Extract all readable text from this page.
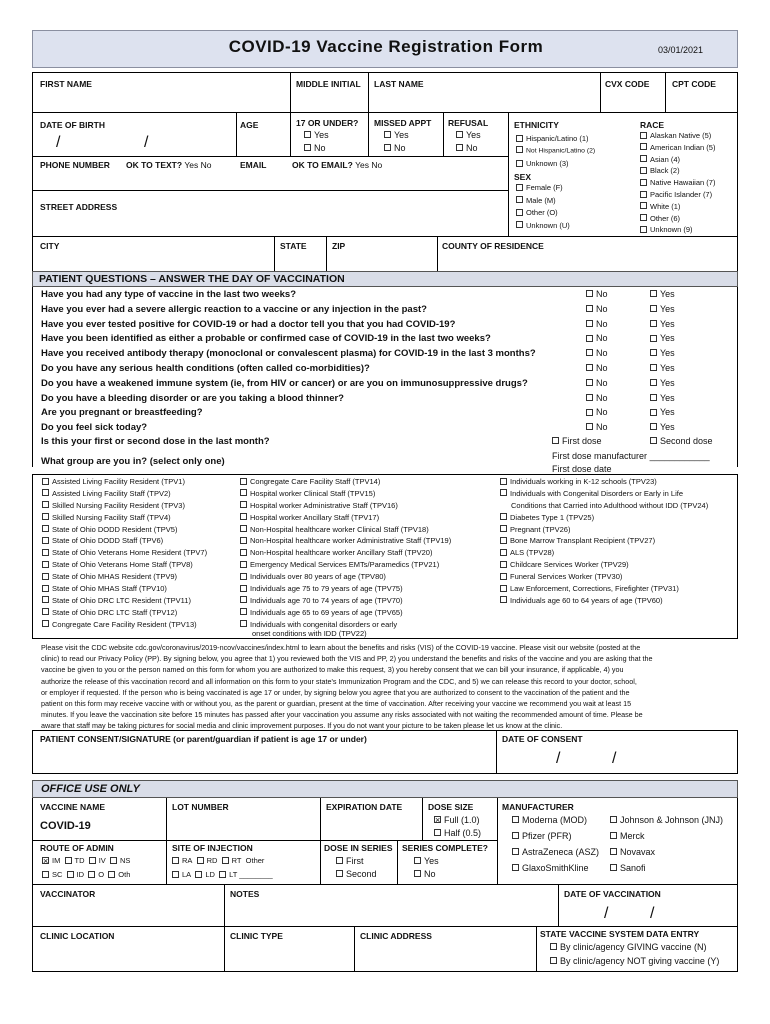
COVID-19 Vaccine Registration Form	03/01/2021
FIRST NAME	MIDDLE INITIAL LAST NAME	CVX CODE	CPT CODE
DATE OF BIRTH
/	/
AGE	17 OR UNDER?
Yes
No
MISSED APPT
Yes
No
REFUSAL
Yes
No
PHONE NUMBER OK TO TEXT? Yes No	EMAIL	OK TO EMAIL? Yes No
STREET ADDRESS
ETHNICITY
Hispanic/Latino (1)
Not Hispanic/Latino (2)
Unknown (3)
SEX
Female (F)
Male (M)
Other (O)
Unknown (U)
RACE
Alaskan Native (5)
American Indian (5)
Asian (4)
Black (2)
Native Hawaiian (7)
Pacific Islander (7)
White (1)
Other (6)
Unknown (9)
CITY	STATE	ZIP	COUNTY OF RESIDENCE
PATIENT QUESTIONS – ANSWER THE DAY OF VACCINATION
Have you had any type of vaccine in the last two weeks?	No	Yes
Have you ever had a severe allergic reaction to a vaccine or any injection in the past?	No	Yes
Have you ever tested positive for COVID-19 or had a doctor tell you that you had COVID-19?	No	Yes
Have you been identified as either a probable or confirmed case of COVID-19 in the last two weeks?	No	Yes
Have you received antibody therapy (monoclonal or convalescent plasma) for COVID-19 in the last 3 months?	No	Yes
Do you have any serious health conditions (often called co-morbidities)?	No	Yes
Do you have a weakened immune system (ie, from HIV or cancer) or are you on immunosuppressive drugs?	No	Yes
Do you have a bleeding disorder or are you taking a blood thinner?	No	Yes
Are you pregnant or breastfeeding?	No	Yes
Do you feel sick today?	No	Yes
First dose	Second dose
Is this your first or second dose in the last month?
What group are you in? (select only one)	First dose manufacturer ____________
First dose date
Assisted Living Facility Resident (TPV1)
Assisted Living Facility Staff (TPV2)
Skilled Nursing Facility Resident (TPV3)
Skilled Nursing Facility Staff (TPV4)
State of Ohio DODD Resident (TPV5)
State of Ohio DODD Staff (TPV6)
State of Ohio Veterans Home Resident (TPV7)
State of Ohio Veterans Home Staff (TPV8)
State of Ohio MHAS Resident (TPV9)
State of Ohio MHAS Staff (TPV10)
State of Ohio DRC LTC Resident (TPV11)
State of Ohio DRC LTC Staff (TPV12)
Congregate Care Facility Resident (TPV13)
Congregate Care Facility Staff (TPV14)
Hospital worker Clinical Staff (TPV15)
Hospital worker Administrative Staff (TPV16)
Hospital worker Ancillary Staff (TPV17)
Non-Hospital healthcare worker Clinical Staff (TPV18)
Non-Hospital healthcare worker Administrative Staff (TPV19)
Non-Hospital healthcare worker Ancillary Staff (TPV20)
Emergency Medical Services EMTs/Paramedics (TPV21)
Individuals over 80 years of age (TPV80)
Individuals age 75 to 79 years of age (TPV75)
Individuals age 70 to 74 years of age (TPV70)
Individuals age 65 to 69 years of age (TPV65)
Individuals with congenital disorders or early
onset conditions with IDD (TPV22)
Individuals working in K-12 schools (TPV23)
Individuals with Congenital Disorders or Early in Life
Conditions that Carried into Adulthood without IDD (TPV24)
Diabetes Type 1 (TPV25)
Pregnant (TPV26)
Bone Marrow Transplant Recipient (TPV27)
ALS (TPV28)
Childcare Services Worker (TPV29)
Funeral Services Worker (TPV30)
Law Enforcement, Corrections, Firefighter (TPV31)
Individuals age 60 to 64 years of age (TPV60)
Please visit the CDC website cdc.gov/coronavirus/2019-ncov/vaccines/index.html to learn about the benefits and risks (VIS) of the COVID-19 vaccine. Please visit our website (posted at the
clinic) to read our Privacy Policy (PP). By signing below, you agree that 1) you reviewed both the VIS and PP, 2) you understand the benefits and risks of the vaccine and you are asking that the
vaccine be given to you or the person named on this form for whom you are authorized to make this request, 3) you hereby consent that we can bill your insurance, if applicable, 4) you
authorize the release of this vaccination record and all information on this form to your state's Immunization Program and the CDC, and 5) we can release this record to your doctor, school,
or employer if requested. If the person who is being vaccinated is age 17 or under, by signing below you agree that you are authorized to consent to the vaccination of the patient and the
patient on this form may receive vaccine with or without you, as the parent or guardian, present at the time of vaccination. After receiving your vaccine we recommend you wait at least 15
minutes. If you leave the vaccination site before 15 minutes has passed after your vaccination you assume any risks associated with not waiting the recommended amount of time. Please be
aware that staff may be taking pictures for social media and clinic improvement purposes. If you do not want your picture to be taken please let us know at the clinic.
PATIENT CONSENT/SIGNATURE (or parent/guardian if patient is age 17 or under)	DATE OF CONSENT
/	/
OFFICE USE ONLY
VACCINE NAME
COVID-19
LOT NUMBER	EXPIRATION DATE	DOSE SIZE
× Full (1.0)
Half (0.5)
MANUFACTURER
Moderna (MOD)	Johnson & Johnson (JNJ)
Pfizer (PFR)	Merck
AstraZeneca (ASZ)	Novavax
GlaxoSmithKline	Sanofi
ROUTE OF ADMIN
× IM TD IV NS
SC ID O Oth
SITE OF INJECTION
RA RD RT Other
LA LD LT ________
DOSE IN SERIES
First
Second
SERIES COMPLETE?
Yes
No
VACCINATOR	NOTES	DATE OF VACCINATION
/	/
CLINIC LOCATION	CLINIC TYPE	CLINIC ADDRESS	STATE VACCINE SYSTEM DATA ENTRY
By clinic/agency GIVING vaccine (N)
By clinic/agency NOT giving vaccine (Y)
